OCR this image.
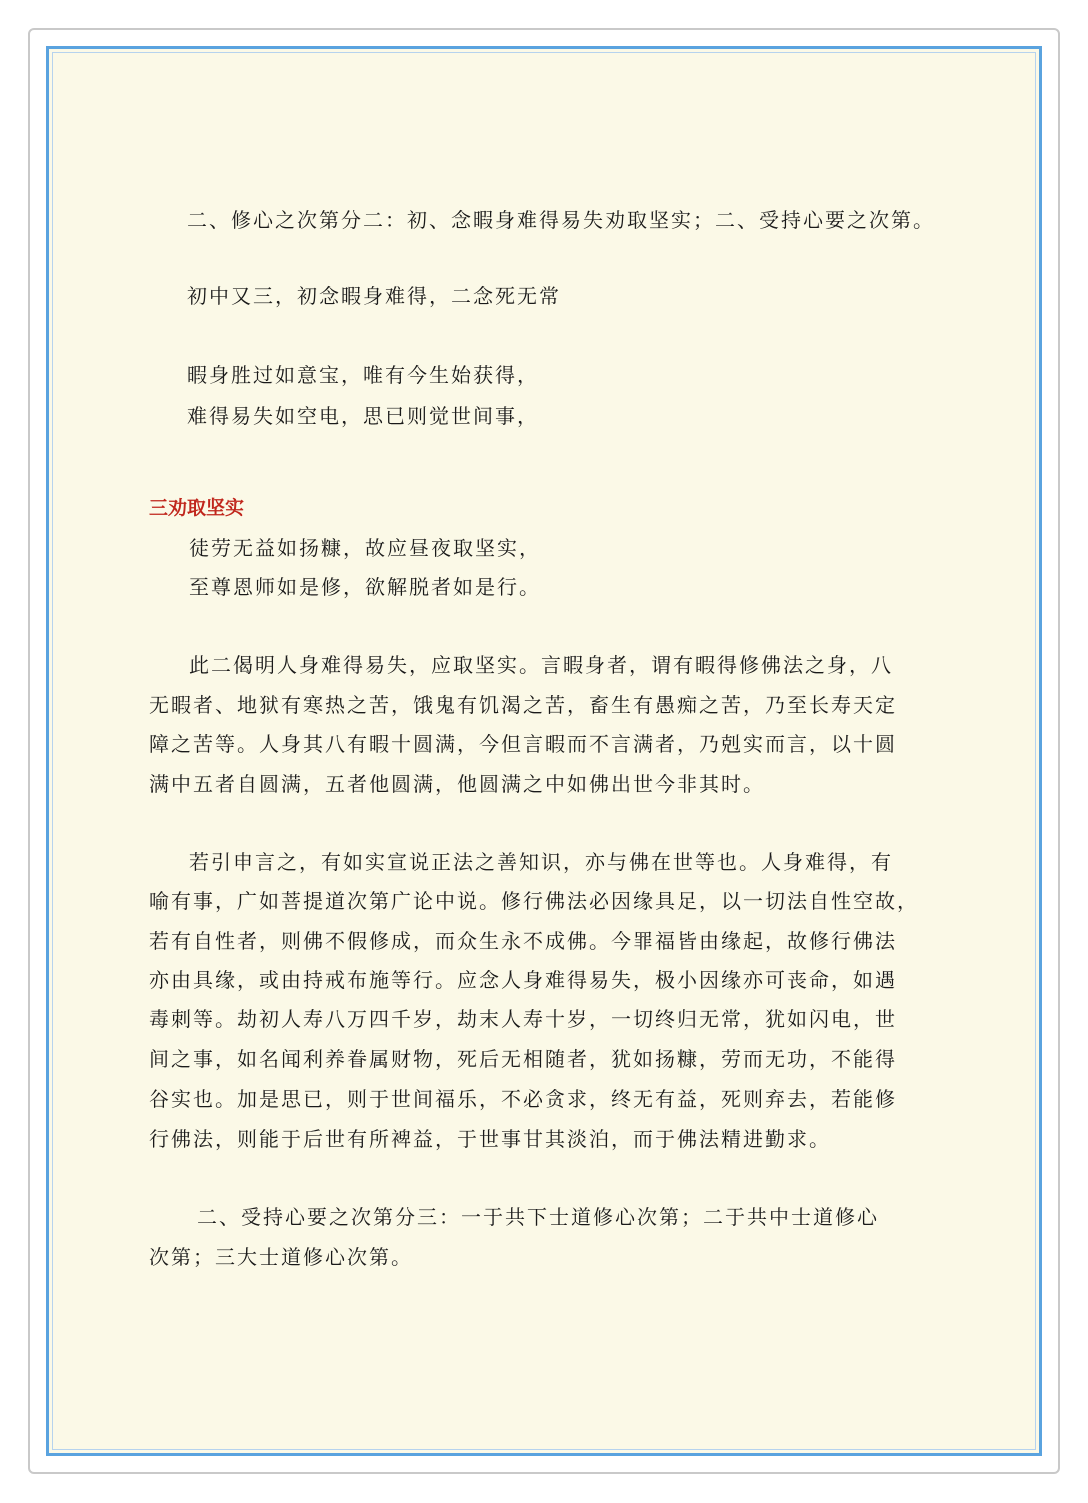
二、修心之次第分二：初、念暇身难得易失劝取坚实；二、受持心要之次第。

初中又三，初念暇身难得，二念死无常

暇身胜过如意宝，唯有今生始获得，

难得易失如空电，思已则觉世间事，

三劝取坚实

徒劳无益如扬糠，故应昼夜取坚实，

至尊恩师如是修，欲解脱者如是行。

此二偈明人身难得易失，应取坚实。言暇身者，谓有暇得修佛法之身，八

无暇者、地狱有寒热之苦，饿鬼有饥渴之苦，畜生有愚痴之苦，乃至长寿天定

障之苦等。人身其八有暇十圆满，今但言暇而不言满者，乃剋实而言，以十圆

满中五者自圆满，五者他圆满，他圆满之中如佛出世今非其时。

若引申言之，有如实宣说正法之善知识，亦与佛在世等也。人身难得，有

喻有事，广如菩提道次第广论中说。修行佛法必因缘具足，以一切法自性空故，

若有自性者，则佛不假修成，而众生永不成佛。今罪福皆由缘起，故修行佛法

亦由具缘，或由持戒布施等行。应念人身难得易失，极小因缘亦可丧命，如遇

毒刺等。劫初人寿八万四千岁，劫末人寿十岁，一切终归无常，犹如闪电，世

间之事，如名闻利养眷属财物，死后无相随者，犹如扬糠，劳而无功，不能得

谷实也。加是思已，则于世间福乐，不必贪求，终无有益，死则弃去，若能修

行佛法，则能于后世有所裨益，于世事甘其淡泊，而于佛法精进勤求。

二、受持心要之次第分三：一于共下士道修心次第；二于共中士道修心

次第；三大士道修心次第。
